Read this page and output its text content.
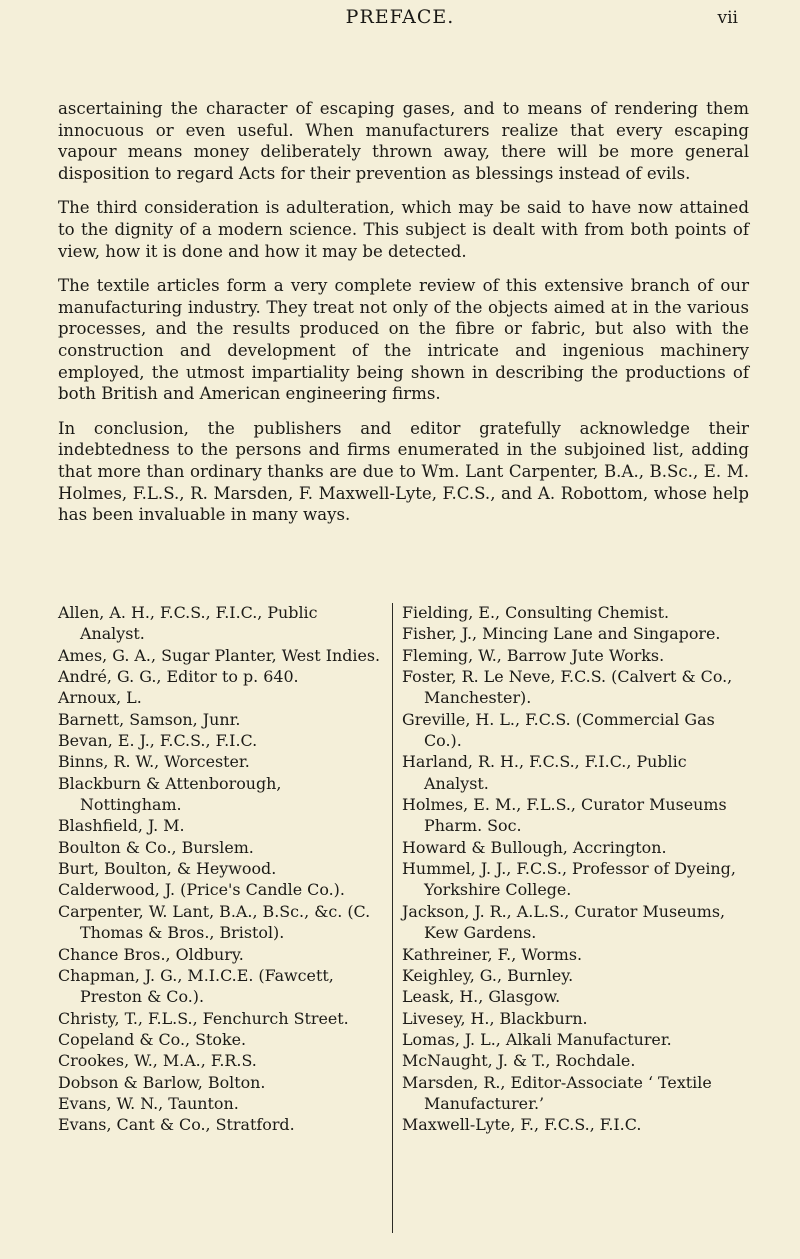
PREFACE.	vii

ascertaining the character of escaping gases, and to means of rendering them innocuous or even useful. When manufacturers realize that every escaping vapour means money deliberately thrown away, there will be more general disposition to regard Acts for their prevention as blessings instead of evils.

The third consideration is adulteration, which may be said to have now attained to the dignity of a modern science. This subject is dealt with from both points of view, how it is done and how it may be detected.

The textile articles form a very complete review of this extensive branch of our manufacturing industry. They treat not only of the objects aimed at in the various processes, and the results produced on the fibre or fabric, but also with the construction and development of the intricate and ingenious machinery employed, the utmost impartiality being shown in describing the productions of both British and American engineering firms.

In conclusion, the publishers and editor gratefully acknowledge their indebtedness to the persons and firms enumerated in the subjoined list, adding that more than ordinary thanks are due to Wm. Lant Carpenter, B.A., B.Sc., E. M. Holmes, F.L.S., R. Marsden, F. Maxwell-Lyte, F.C.S., and A. Robottom, whose help has been invaluable in many ways.

Allen, A. H., F.C.S., F.I.C., Public Analyst.
Ames, G. A., Sugar Planter, West Indies.
André, G. G., Editor to p. 640.
Arnoux, L.
Barnett, Samson, Junr.
Bevan, E. J., F.C.S., F.I.C.
Binns, R. W., Worcester.
Blackburn & Attenborough, Nottingham.
Blashfield, J. M.
Boulton & Co., Burslem.
Burt, Boulton, & Heywood.
Calderwood, J. (Price's Candle Co.).
Carpenter, W. Lant, B.A., B.Sc., &c. (C. Thomas & Bros., Bristol).
Chance Bros., Oldbury.
Chapman, J. G., M.I.C.E. (Fawcett, Preston & Co.).
Christy, T., F.L.S., Fenchurch Street.
Copeland & Co., Stoke.
Crookes, W., M.A., F.R.S.
Dobson & Barlow, Bolton.
Evans, W. N., Taunton.
Evans, Cant & Co., Stratford.
Fielding, E., Consulting Chemist.
Fisher, J., Mincing Lane and Singapore.
Fleming, W., Barrow Jute Works.
Foster, R. Le Neve, F.C.S. (Calvert & Co., Manchester).
Greville, H. L., F.C.S. (Commercial Gas Co.).
Harland, R. H., F.C.S., F.I.C., Public Analyst.
Holmes, E. M., F.L.S., Curator Museums Pharm. Soc.
Howard & Bullough, Accrington.
Hummel, J. J., F.C.S., Professor of Dyeing, Yorkshire College.
Jackson, J. R., A.L.S., Curator Museums, Kew Gardens.
Kathreiner, F., Worms.
Keighley, G., Burnley.
Leask, H., Glasgow.
Livesey, H., Blackburn.
Lomas, J. L., Alkali Manufacturer.
McNaught, J. & T., Rochdale.
Marsden, R., Editor-Associate ‘ Textile Manufacturer.’
Maxwell-Lyte, F., F.C.S., F.I.C.
